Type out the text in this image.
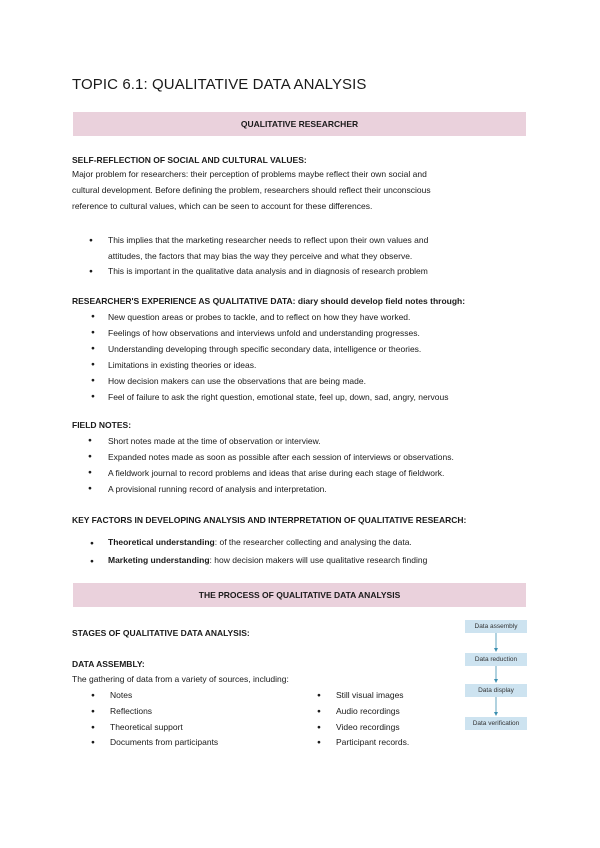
TOPIC 6.1: QUALITATIVE DATA ANALYSIS
QUALITATIVE RESEARCHER
SELF-REFLECTION OF SOCIAL AND CULTURAL VALUES:
Major problem for researchers: their perception of problems maybe reflect their own social and
cultural development. Before defining the problem, researchers should reflect their unconscious
reference to cultural values, which can be seen to account for these differences.
● This implies that the marketing researcher needs to reflect upon their own values and
attitudes, the factors that may bias the way they perceive and what they observe.
● This is important in the qualitative data analysis and in diagnosis of research problem
RESEARCHER'S EXPERIENCE AS QUALITATIVE DATA: diary should develop field notes through:
● New question areas or probes to tackle, and to reflect on how they have worked.
● Feelings of how observations and interviews unfold and understanding progresses.
● Understanding developing through specific secondary data, intelligence or theories.
● Limitations in existing theories or ideas.
● How decision makers can use the observations that are being made.
● Feel of failure to ask the right question, emotional state, feel up, down, sad, angry, nervous
FIELD NOTES:
● Short notes made at the time of observation or interview.
● Expanded notes made as soon as possible after each session of interviews or observations.
● A fieldwork journal to record problems and ideas that arise during each stage of fieldwork.
● A provisional running record of analysis and interpretation.
KEY FACTORS IN DEVELOPING ANALYSIS AND INTERPRETATION OF QUALITATIVE RESEARCH:
● Theoretical understanding: of the researcher collecting and analysing the data.
● Marketing understanding: how decision makers will use qualitative research finding
THE PROCESS OF QUALITATIVE DATA ANALYSIS
STAGES OF QUALITATIVE DATA ANALYSIS:
DATA ASSEMBLY:
The gathering of data from a variety of sources, including:
● Notes
● Reflections
● Theoretical support
● Documents from participants
● Still visual images
● Audio recordings
● Video recordings
● Participant records.
Data assembly
Data reduction
Data display
Data verification
